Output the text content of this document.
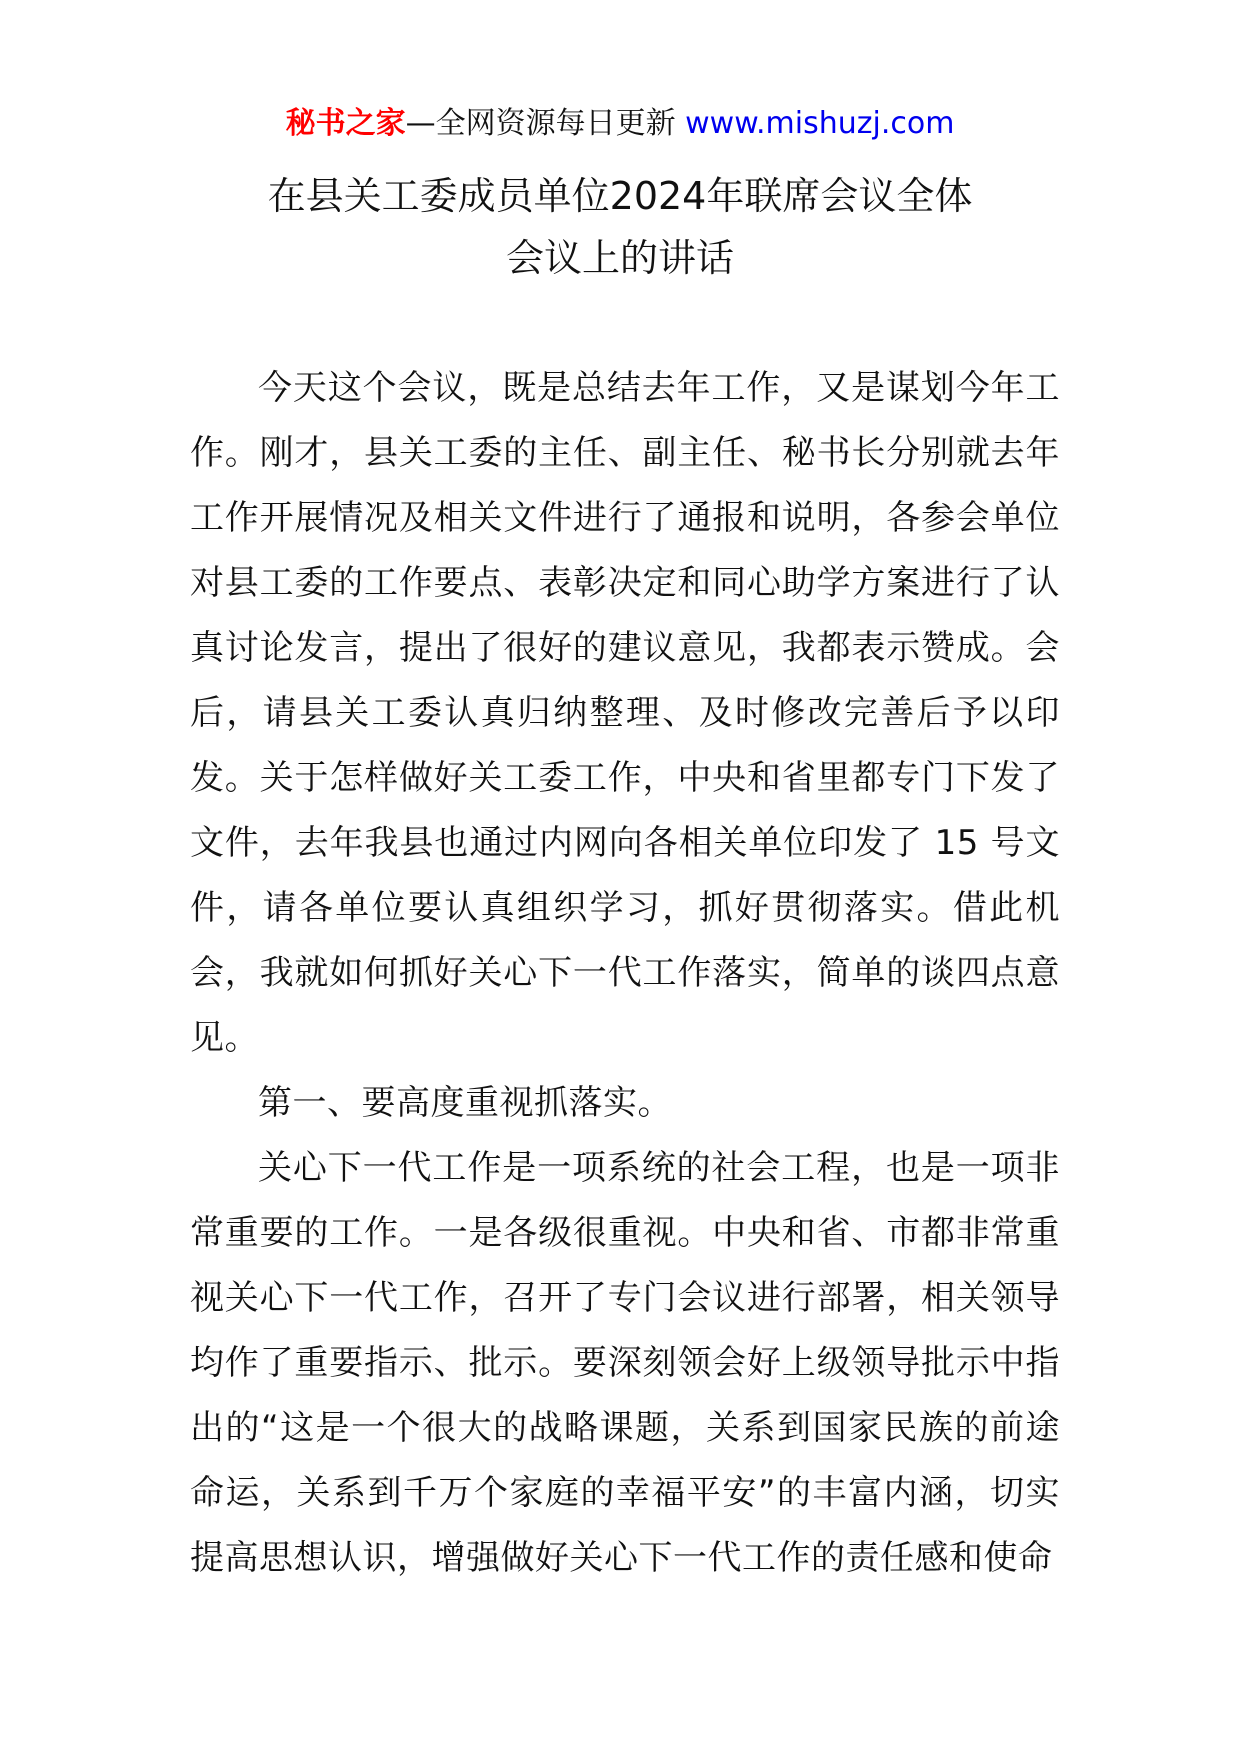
秘书之家—全网资源每日更新 www.mishuzj.com
在县关工委成员单位2024年联席会议全体
会议上的讲话

今天这个会议，既是总结去年工作，又是谋划今年工作。刚才，县关工委的主任、副主任、秘书长分别就去年工作开展情况及相关文件进行了通报和说明，各参会单位对县工委的工作要点、表彰决定和同心助学方案进行了认真讨论发言，提出了很好的建议意见，我都表示赞成。会后，请县关工委认真归纳整理、及时修改完善后予以印发。关于怎样做好关工委工作，中央和省里都专门下发了文件，去年我县也通过内网向各相关单位印发了 15 号文件，请各单位要认真组织学习，抓好贯彻落实。借此机会，我就如何抓好关心下一代工作落实，简单的谈四点意见。

第一、要高度重视抓落实。

关心下一代工作是一项系统的社会工程，也是一项非常重要的工作。一是各级很重视。中央和省、市都非常重视关心下一代工作，召开了专门会议进行部署，相关领导均作了重要指示、批示。要深刻领会好上级领导批示中指出的“这是一个很大的战略课题，关系到国家民族的前途命运，关系到千万个家庭的幸福平安”的丰富内涵，切实提高思想认识，增强做好关心下一代工作的责任感和使命
